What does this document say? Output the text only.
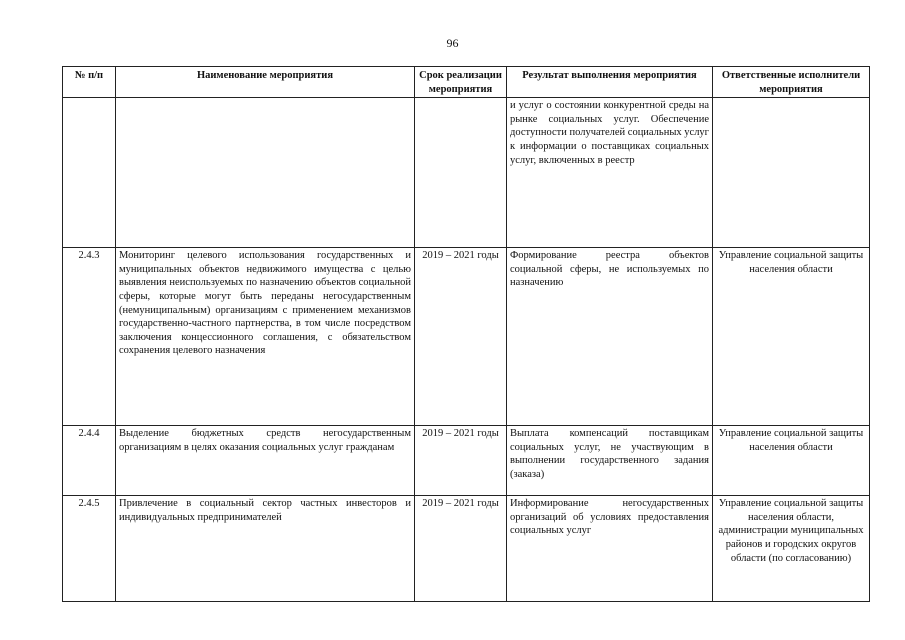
96
№ п/п	Наименование мероприятия	Срок реализации мероприятия	Результат выполнения мероприятия	Ответственные исполнители мероприятия
			и услуг о состоянии конкурентной среды на рынке социальных услуг. Обеспечение доступности получателей социальных услуг к информации о поставщиках социальных услуг, включенных в реестр	
2.4.3	Мониторинг целевого использования государственных и муниципальных объектов недвижимого имущества с целью выявления неиспользуемых по назначению объектов социальной сферы, которые могут быть переданы негосударственным (немуниципальным) организациям с применением механизмов государственно-частного партнерства, в том числе посредством заключения концессионного соглашения, с обязательством сохранения целевого назначения	2019 – 2021 годы	Формирование реестра объектов социальной сферы, не используемых по назначению	Управление социальной защиты населения области
2.4.4	Выделение бюджетных средств негосударственным организациям в целях оказания социальных услуг гражданам	2019 – 2021 годы	Выплата компенсаций поставщикам социальных услуг, не участвующим в выполнении государственного задания (заказа)	Управление социальной защиты населения области
2.4.5	Привлечение в социальный сектор частных инвесторов и индивидуальных предпринимателей	2019 – 2021 годы	Информирование негосударственных организаций об условиях предоставления социальных услуг	Управление социальной защиты населения области, администрации муниципальных районов и городских округов области (по согласованию)
